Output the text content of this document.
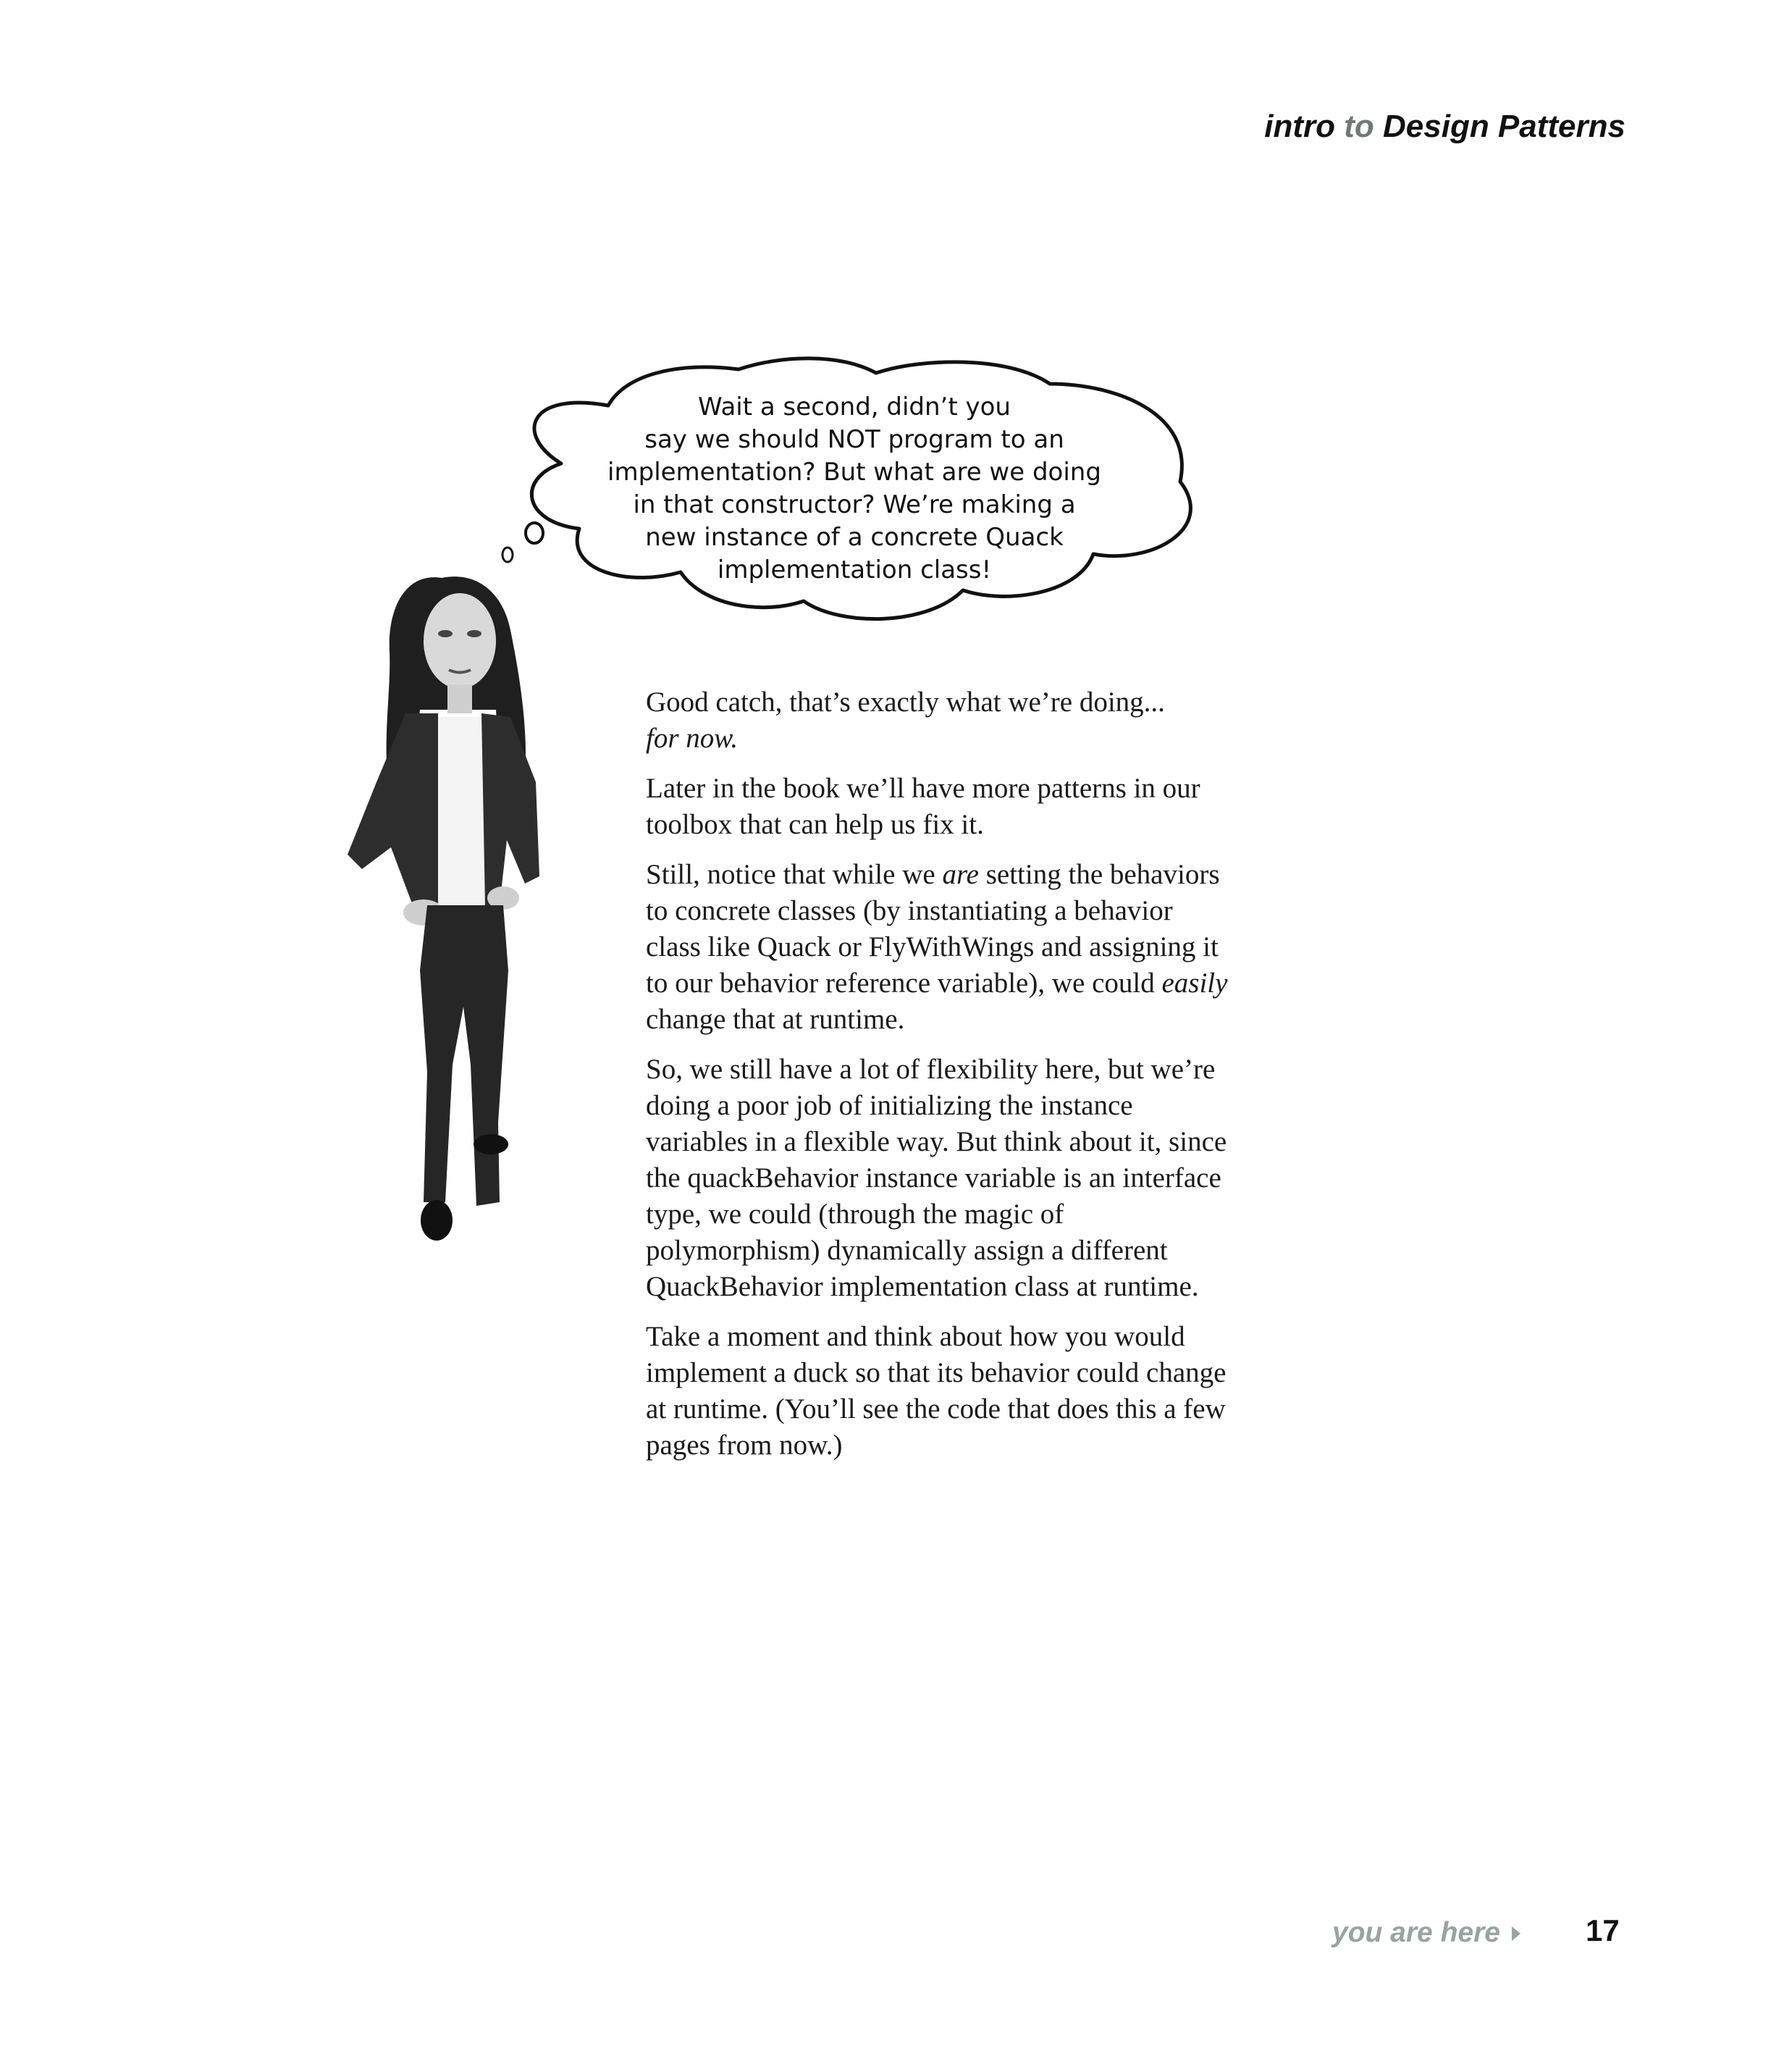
intro to Design Patterns
Wait a second, didn’t you
say we should NOT program to an
implementation? But what are we doing
in that constructor? We’re making a
new instance of a concrete Quack
implementation class!

Good catch, that’s exactly what we’re doing...
for now.

Later in the book we’ll have more patterns in our toolbox that can help us fix it.

Still, notice that while we are setting the behaviors to concrete classes (by instantiating a behavior class like Quack or FlyWithWings and assigning it to our behavior reference variable), we could easily change that at runtime.

So, we still have a lot of flexibility here, but we’re doing a poor job of initializing the instance variables in a flexible way. But think about it, since the quackBehavior instance variable is an interface type, we could (through the magic of polymorphism) dynamically assign a different QuackBehavior implementation class at runtime.

Take a moment and think about how you would implement a duck so that its behavior could change at runtime. (You’ll see the code that does this a few pages from now.)

you are here	17
